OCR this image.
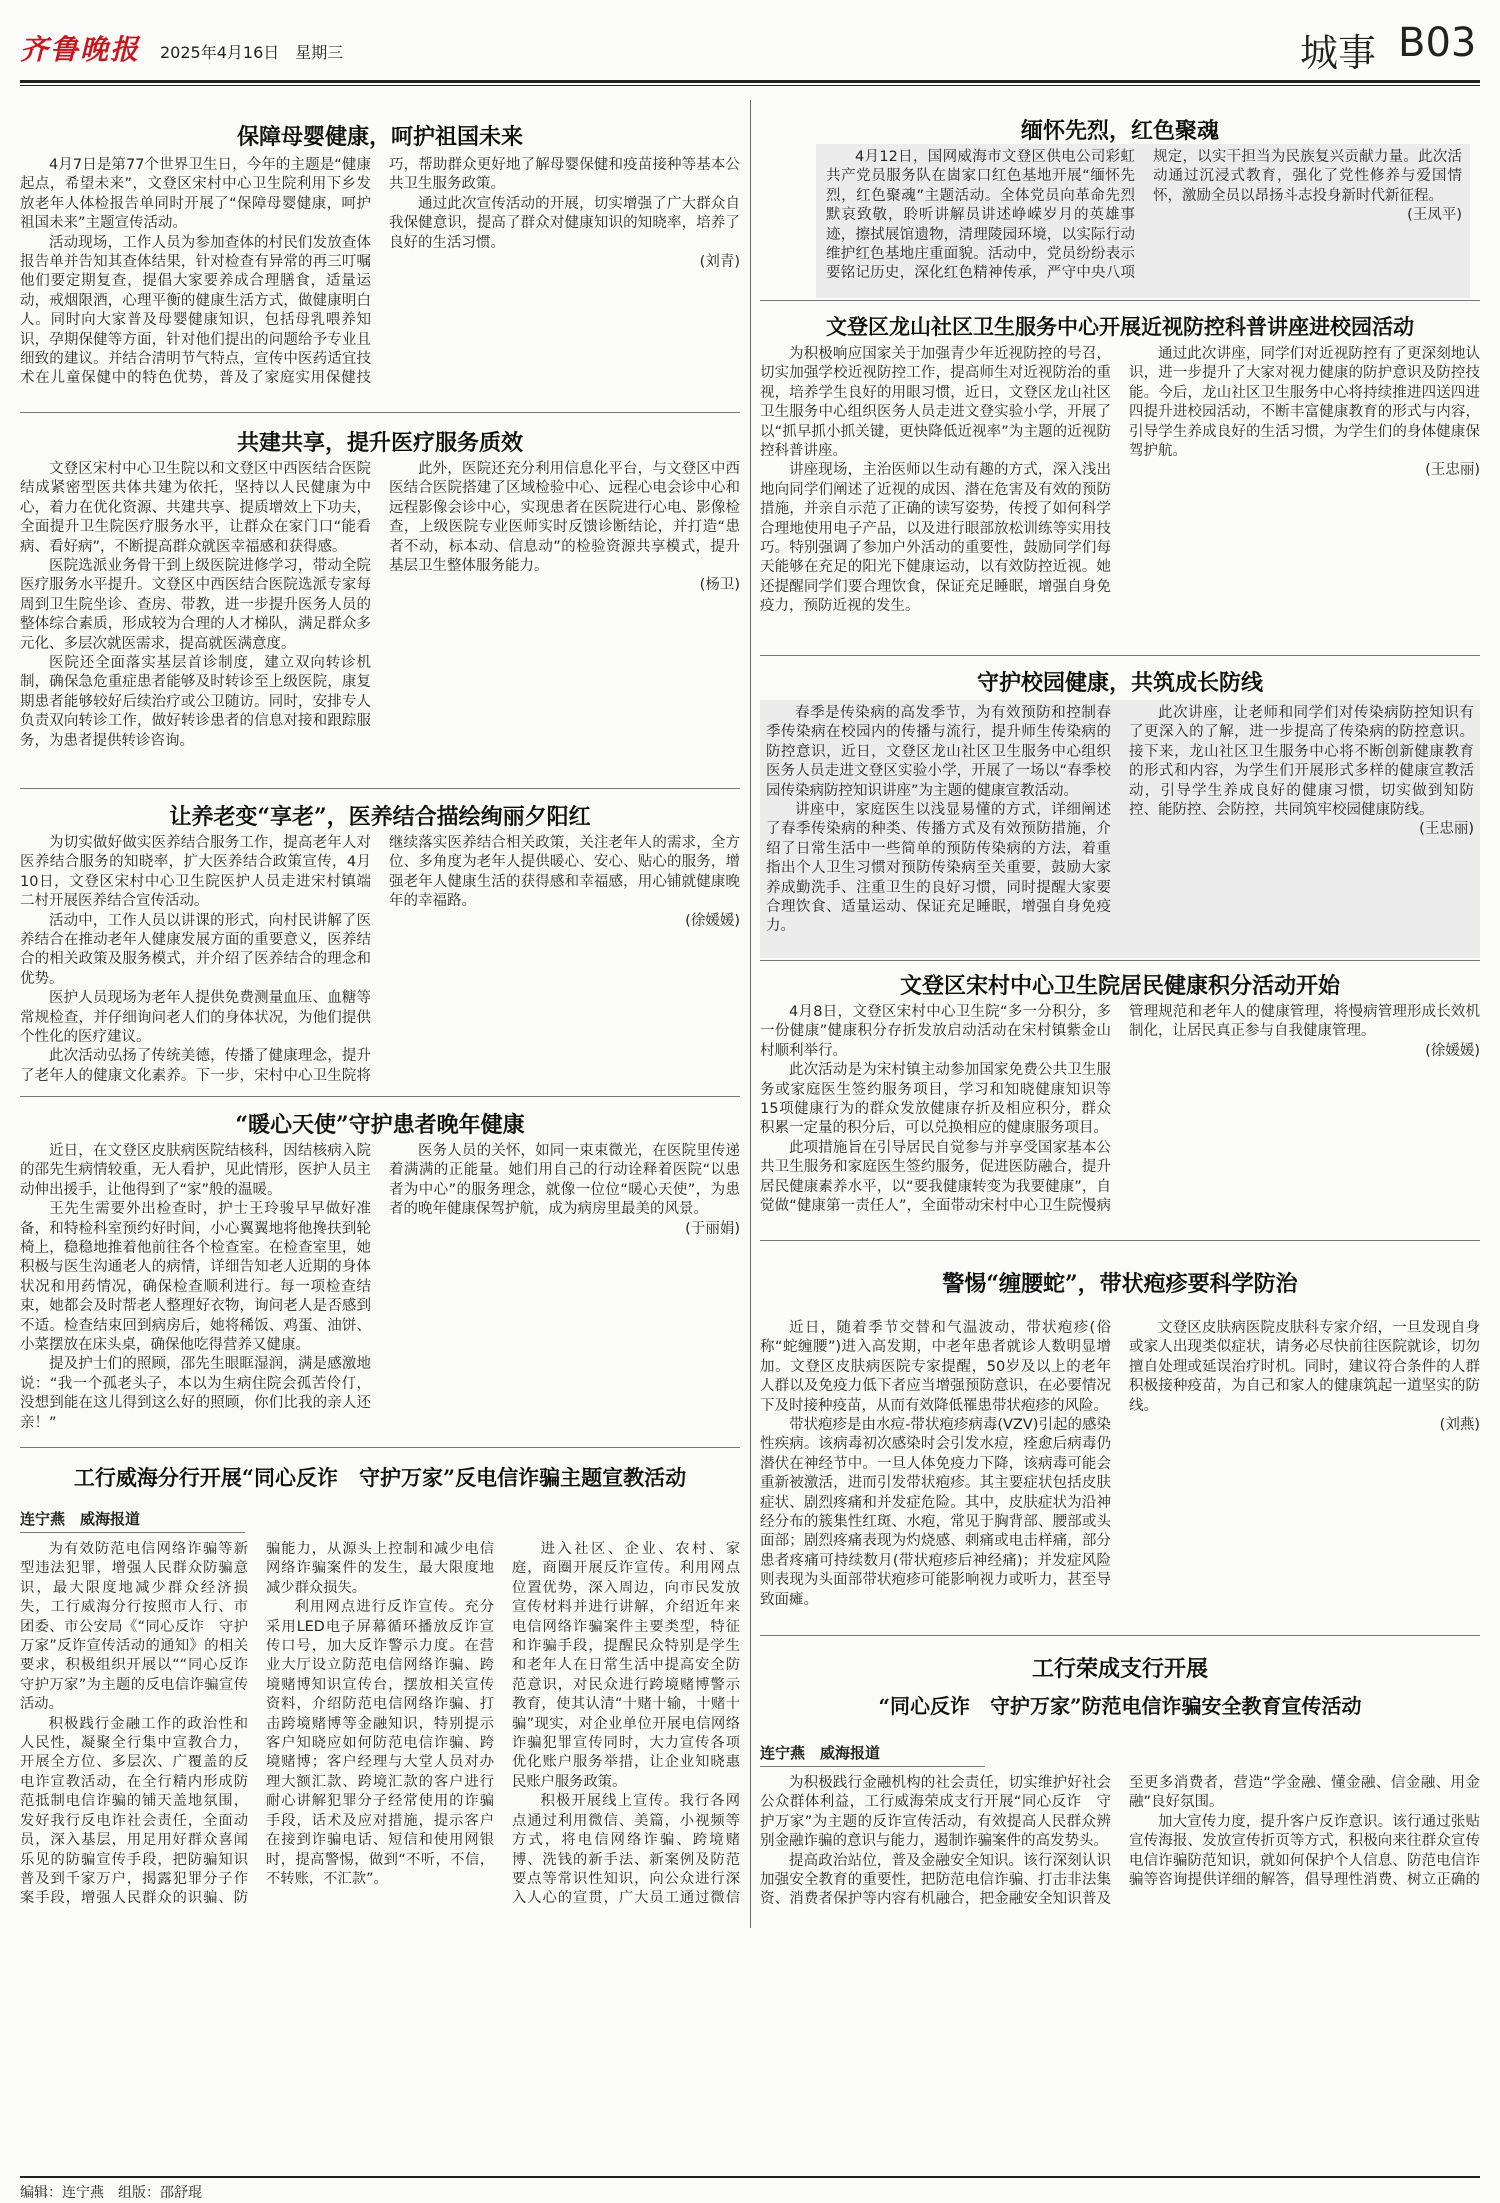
齐鲁晚报 2025年4月16日　星期三	城事 B03
保障母婴健康，呵护祖国未来

4月7日是第77个世界卫生日，今年的主题是“健康起点，希望未来”，文登区宋村中心卫生院利用下乡发放老年人体检报告单同时开展了“保障母婴健康，呵护祖国未来”主题宣传活动。

活动现场，工作人员为参加查体的村民们发放查体报告单并告知其查体结果，针对检查有异常的再三叮嘱他们要定期复查，提倡大家要养成合理膳食，适量运动，戒烟限酒，心理平衡的健康生活方式，做健康明白人。同时向大家普及母婴健康知识，包括母乳喂养知识，孕期保健等方面，针对他们提出的问题给予专业且细致的建议。并结合清明节气特点，宣传中医药适宜技术在儿童保健中的特色优势，普及了家庭实用保健技巧，帮助群众更好地了解母婴保健和疫苗接种等基本公共卫生服务政策。

通过此次宣传活动的开展，切实增强了广大群众自我保健意识，提高了群众对健康知识的知晓率，培养了良好的生活习惯。

(刘青)

共建共享，提升医疗服务质效

文登区宋村中心卫生院以和文登区中西医结合医院结成紧密型医共体共建为依托，坚持以人民健康为中心，着力在优化资源、共建共享、提质增效上下功夫，全面提升卫生院医疗服务水平，让群众在家门口“能看病、看好病”，不断提高群众就医幸福感和获得感。

医院选派业务骨干到上级医院进修学习，带动全院医疗服务水平提升。文登区中西医结合医院选派专家每周到卫生院坐诊、查房、带教，进一步提升医务人员的整体综合素质，形成较为合理的人才梯队，满足群众多元化、多层次就医需求，提高就医满意度。

医院还全面落实基层首诊制度，建立双向转诊机制，确保急危重症患者能够及时转诊至上级医院，康复期患者能够较好后续治疗或公卫随访。同时，安排专人负责双向转诊工作，做好转诊患者的信息对接和跟踪服务，为患者提供转诊咨询。

此外，医院还充分利用信息化平台，与文登区中西医结合医院搭建了区域检验中心、远程心电会诊中心和远程影像会诊中心，实现患者在医院进行心电、影像检查，上级医院专业医师实时反馈诊断结论，并打造“患者不动，标本动、信息动”的检验资源共享模式，提升基层卫生整体服务能力。

(杨卫)

让养老变“享老”，医养结合描绘绚丽夕阳红

为切实做好做实医养结合服务工作，提高老年人对医养结合服务的知晓率，扩大医养结合政策宣传，4月10日，文登区宋村中心卫生院医护人员走进宋村镇端二村开展医养结合宣传活动。

活动中，工作人员以讲课的形式，向村民讲解了医养结合在推动老年人健康发展方面的重要意义，医养结合的相关政策及服务模式，并介绍了医养结合的理念和优势。

医护人员现场为老年人提供免费测量血压、血糖等常规检查，并仔细询问老人们的身体状况，为他们提供个性化的医疗建议。

此次活动弘扬了传统美德，传播了健康理念，提升了老年人的健康文化素养。下一步，宋村中心卫生院将继续落实医养结合相关政策，关注老年人的需求，全方位、多角度为老年人提供暖心、安心、贴心的服务，增强老年人健康生活的获得感和幸福感，用心铺就健康晚年的幸福路。

(徐媛媛)

“暖心天使”守护患者晚年健康

近日，在文登区皮肤病医院结核科，因结核病入院的邵先生病情较重，无人看护，见此情形，医护人员主动伸出援手，让他得到了“家”般的温暖。

王先生需要外出检查时，护士王玲骏早早做好准备，和特检科室预约好时间，小心翼翼地将他搀扶到轮椅上，稳稳地推着他前往各个检查室。在检查室里，她积极与医生沟通老人的病情，详细告知老人近期的身体状况和用药情况，确保检查顺利进行。每一项检查结束，她都会及时帮老人整理好衣物，询问老人是否感到不适。检查结束回到病房后，她将稀饭、鸡蛋、油饼、小菜摆放在床头桌，确保他吃得营养又健康。

提及护士们的照顾，邵先生眼眶湿润，满是感激地说：“我一个孤老头子，本以为生病住院会孤苦伶仃，没想到能在这儿得到这么好的照顾，你们比我的亲人还亲！”

医务人员的关怀，如同一束束微光，在医院里传递着满满的正能量。她们用自己的行动诠释着医院“以患者为中心”的服务理念，就像一位位“暖心天使”，为患者的晚年健康保驾护航，成为病房里最美的风景。

(于丽娟)

工行威海分行开展“同心反诈　守护万家”反电信诈骗主题宣教活动
连宁燕　威海报道

为有效防范电信网络诈骗等新型违法犯罪，增强人民群众防骗意识，最大限度地减少群众经济损失，工行威海分行按照市人行、市团委、市公安局《“同心反诈　守护万家”反诈宣传活动的通知》的相关要求，积极组织开展以““同心反诈　守护万家”为主题的反电信诈骗宣传活动。

积极践行金融工作的政治性和人民性，凝聚全行集中宣教合力，开展全方位、多层次、广覆盖的反电诈宣教活动，在全行精内形成防范抵制电信诈骗的铺天盖地氛围，发好我行反电诈社会责任，全面动员，深入基层，用足用好群众喜闻乐见的防骗宣传手段，把防骗知识普及到千家万户，揭露犯罪分子作案手段，增强人民群众的识骗、防骗能力，从源头上控制和减少电信网络诈骗案件的发生，最大限度地减少群众损失。

利用网点进行反诈宣传。充分采用LED电子屏幕循环播放反诈宣传口号，加大反诈警示力度。在营业大厅设立防范电信网络诈骗、跨境赌博知识宣传台，摆放相关宣传资料，介绍防范电信网络诈骗、打击跨境赌博等金融知识，特别提示客户知晓应如何防范电信诈骗、跨境赌博；客户经理与大堂人员对办理大额汇款、跨境汇款的客户进行耐心讲解犯罪分子经常使用的诈骗手段，话术及应对措施，提示客户在接到诈骗电话、短信和使用网银时，提高警惕，做到“不听，不信，不转账，不汇款”。

进入社区、企业、农村、家庭，商圈开展反诈宣传。利用网点位置优势，深入周边，向市民发放宣传材料并进行讲解，介绍近年来电信网络诈骗案件主要类型，特征和诈骗手段，提醒民众特别是学生和老年人在日常生活中提高安全防范意识，对民众进行跨境赌博警示教育，使其认清“十赌十输，十赌十骗”现实，对企业单位开展电信网络诈骗犯罪宣传同时，大力宣传各项优化账户服务举措，让企业知晓惠民账户服务政策。

积极开展线上宣传。我行各网点通过利用微信、美篇，小视频等方式，将电信网络诈骗、跨境赌博、洗钱的新手法、新案例及防范要点等常识性知识，向公众进行深入人心的宣贯，广大员工通过微信

缅怀先烈，红色聚魂

4月12日，国网威海市文登区供电公司彩虹共产党员服务队在崮家口红色基地开展“缅怀先烈，红色聚魂”主题活动。全体党员向革命先烈默哀致敬，聆听讲解员讲述峥嵘岁月的英雄事迹，擦拭展馆遗物，清理陵园环境，以实际行动维护红色基地庄重面貌。活动中，党员纷纷表示要铭记历史，深化红色精神传承，严守中央八项规定，以实干担当为民族复兴贡献力量。此次活动通过沉浸式教育，强化了党性修养与爱国情怀，激励全员以昂扬斗志投身新时代新征程。

(王凤平)

文登区龙山社区卫生服务中心开展近视防控科普讲座进校园活动

为积极响应国家关于加强青少年近视防控的号召，切实加强学校近视防控工作，提高师生对近视防治的重视，培养学生良好的用眼习惯，近日，文登区龙山社区卫生服务中心组织医务人员走进文登实验小学，开展了以“抓早抓小抓关键，更快降低近视率”为主题的近视防控科普讲座。

讲座现场，主治医师以生动有趣的方式，深入浅出地向同学们阐述了近视的成因、潜在危害及有效的预防措施，并亲自示范了正确的读写姿势，传授了如何科学合理地使用电子产品，以及进行眼部放松训练等实用技巧。特别强调了参加户外活动的重要性，鼓励同学们每天能够在充足的阳光下健康运动，以有效防控近视。她还提醒同学们要合理饮食，保证充足睡眠，增强自身免疫力，预防近视的发生。

通过此次讲座，同学们对近视防控有了更深刻地认识，进一步提升了大家对视力健康的防护意识及防控技能。今后，龙山社区卫生服务中心将持续推进四送四进四提升进校园活动，不断丰富健康教育的形式与内容，引导学生养成良好的生活习惯，为学生们的身体健康保驾护航。

(王忠丽)

守护校园健康，共筑成长防线

春季是传染病的高发季节，为有效预防和控制春季传染病在校园内的传播与流行，提升师生传染病的防控意识，近日，文登区龙山社区卫生服务中心组织医务人员走进文登区实验小学，开展了一场以“春季校园传染病防控知识讲座”为主题的健康宣教活动。

讲座中，家庭医生以浅显易懂的方式，详细阐述了春季传染病的种类、传播方式及有效预防措施，介绍了日常生活中一些简单的预防传染病的方法，着重指出个人卫生习惯对预防传染病至关重要，鼓励大家养成勤洗手、注重卫生的良好习惯，同时提醒大家要合理饮食、适量运动、保证充足睡眠，增强自身免疫力。

此次讲座，让老师和同学们对传染病防控知识有了更深入的了解，进一步提高了传染病的防控意识。接下来，龙山社区卫生服务中心将不断创新健康教育的形式和内容，为学生们开展形式多样的健康宣教活动，引导学生养成良好的健康习惯，切实做到知防控、能防控、会防控，共同筑牢校园健康防线。

(王忠丽)

文登区宋村中心卫生院居民健康积分活动开始

4月8日，文登区宋村中心卫生院“多一分积分，多一份健康”健康积分存折发放启动活动在宋村镇紫金山村顺利举行。

此次活动是为宋村镇主动参加国家免费公共卫生服务或家庭医生签约服务项目，学习和知晓健康知识等15项健康行为的群众发放健康存折及相应积分，群众积累一定量的积分后，可以兑换相应的健康服务项目。

此项措施旨在引导居民自觉参与并享受国家基本公共卫生服务和家庭医生签约服务，促进医防融合，提升居民健康素养水平，以“要我健康转变为我要健康”，自觉做“健康第一责任人”，全面带动宋村中心卫生院慢病管理规范和老年人的健康管理，将慢病管理形成长效机制化，让居民真正参与自我健康管理。

(徐媛媛)

警惕“缠腰蛇”，带状疱疹要科学防治

近日，随着季节交替和气温波动，带状疱疹(俗称“蛇缠腰”)进入高发期，中老年患者就诊人数明显增加。文登区皮肤病医院专家提醒，50岁及以上的老年人群以及免疫力低下者应当增强预防意识，在必要情况下及时接种疫苗，从而有效降低罹患带状疱疹的风险。

带状疱疹是由水痘-带状疱疹病毒(VZV)引起的感染性疾病。该病毒初次感染时会引发水痘，痊愈后病毒仍潜伏在神经节中。一旦人体免疫力下降，该病毒可能会重新被激活，进而引发带状疱疹。其主要症状包括皮肤症状、剧烈疼痛和并发症危险。其中，皮肤症状为沿神经分布的簇集性红斑、水疱，常见于胸背部、腰部或头面部；剧烈疼痛表现为灼烧感、刺痛或电击样痛，部分患者疼痛可持续数月(带状疱疹后神经痛)；并发症风险则表现为头面部带状疱疹可能影响视力或听力，甚至导致面瘫。

文登区皮肤病医院皮肤科专家介绍，一旦发现自身或家人出现类似症状，请务必尽快前往医院就诊，切勿擅自处理或延误治疗时机。同时，建议符合条件的人群积极接种疫苗，为自己和家人的健康筑起一道坚实的防线。

(刘燕)

工行荣成支行开展
“同心反诈　守护万家”防范电信诈骗安全教育宣传活动
连宁燕　威海报道

为积极践行金融机构的社会责任，切实维护好社会公众群体利益，工行威海荣成支行开展“同心反诈　守护万家”为主题的反诈宣传活动，有效提高人民群众辨别金融诈骗的意识与能力，遏制诈骗案件的高发势头。

提高政治站位，普及金融安全知识。该行深刻认识加强安全教育的重要性，把防范电信诈骗、打击非法集资、消费者保护等内容有机融合，把金融安全知识普及至更多消费者，营造“学金融、懂金融、信金融、用金融”良好氛围。

加大宣传力度，提升客户反诈意识。该行通过张贴宣传海报、发放宣传折页等方式，积极向来往群众宣传电信诈骗防范知识，就如何保护个人信息、防范电信诈骗等咨询提供详细的解答，倡导理性消费、树立正确的

编辑：连宁燕　组版：邵舒琨
